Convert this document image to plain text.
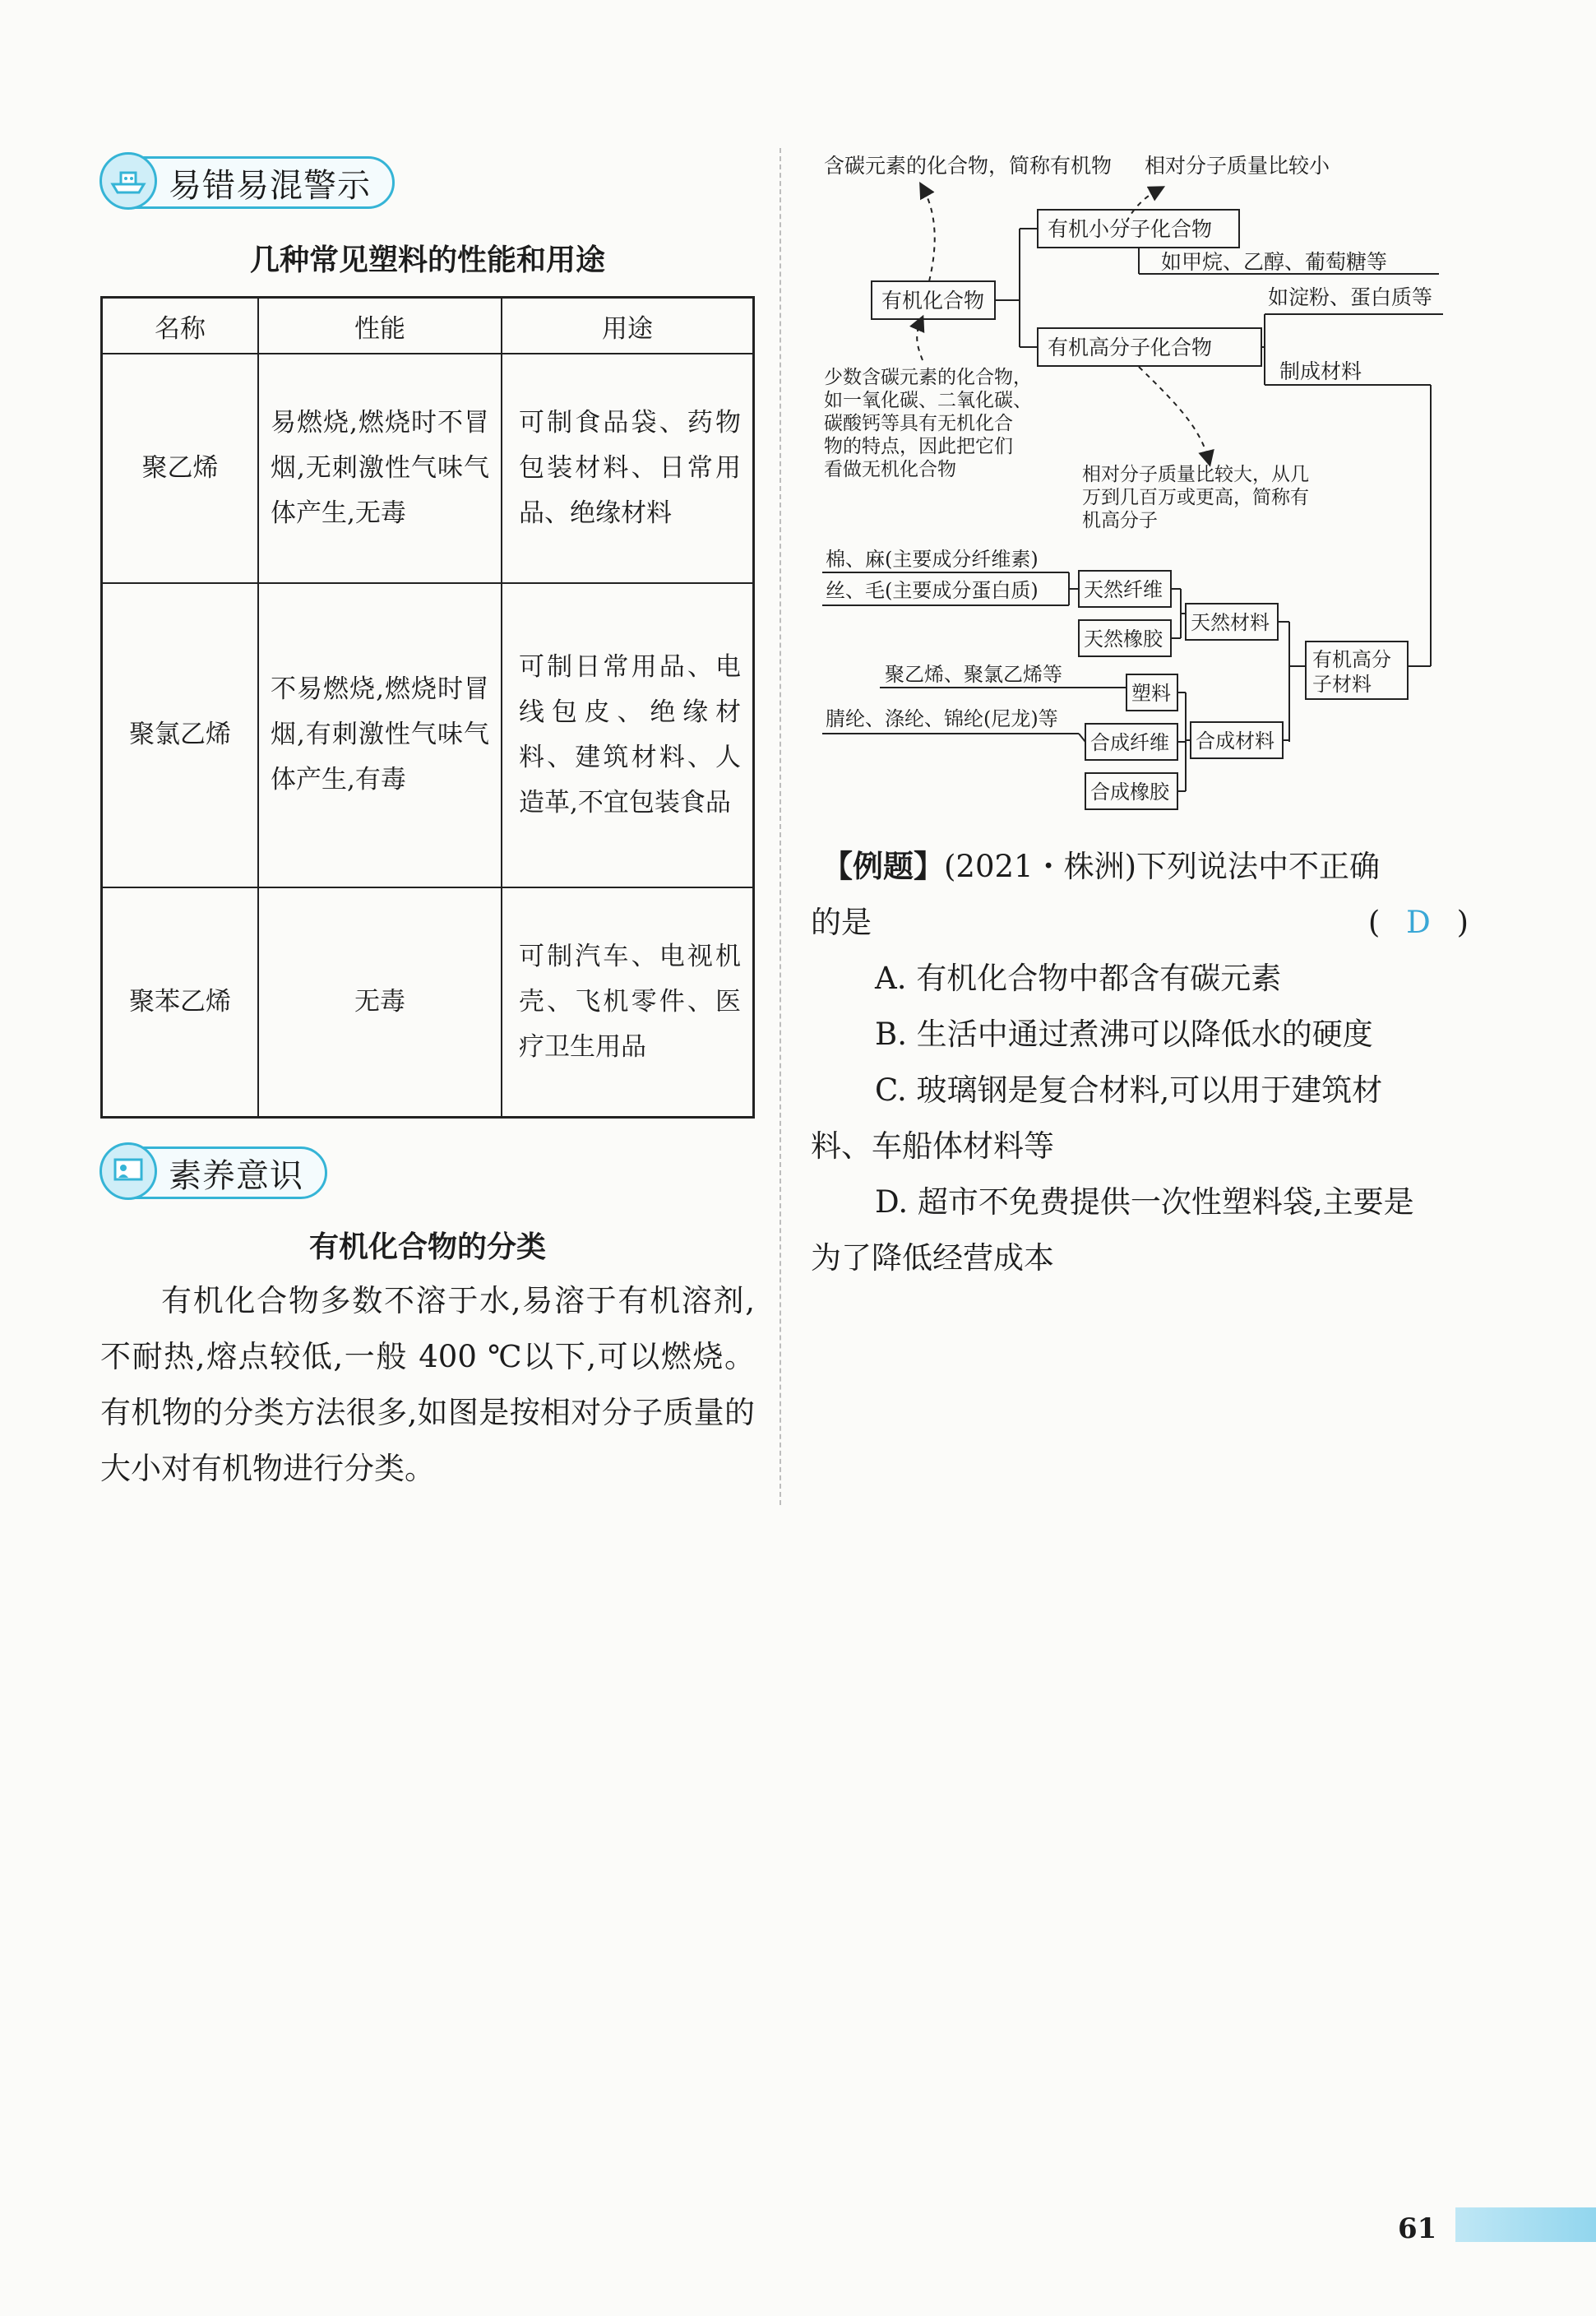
易错易混警示
几种常见塑料的性能和用途
名称	性能	用途
聚乙烯	易燃烧,燃烧时不冒烟,无刺激性气味气体产生,无毒	可制食品袋、药物包装材料、日常用品、绝缘材料
聚氯乙烯	不易燃烧,燃烧时冒烟,有刺激性气味气体产生,有毒	可制日常用品、电线包皮、绝缘材料、建筑材料、人造革,不宜包装食品
聚苯乙烯	无毒	可制汽车、电视机壳、飞机零件、医疗卫生用品
素养意识
有机化合物的分类
有机化合物多数不溶于水,易溶于有机溶剂,不耐热,熔点较低,一般 400 ℃以下,可以燃烧。有机物的分类方法很多,如图是按相对分子质量的大小对有机物进行分类。
含碳元素的化合物，简称有机物 相对分子质量比较小
有机化合物
有机小分子化合物
如甲烷、乙醇、葡萄糖等
有机高分子化合物
如淀粉、蛋白质等
制成材料
少数含碳元素的化合物，
如一氧化碳、二氧化碳、
碳酸钙等具有无机化合
物的特点，因此把它们
看做无机化合物	相对分子质量比较大，从几
万到几百万或更高，简称有
机高分子
棉、麻(主要成分纤维素)
丝、毛(主要成分蛋白质) 天然纤维
天然橡胶
天然材料
有机高分
子材料
聚乙烯、聚氯乙烯等
塑料
腈纶、涤纶、锦纶(尼龙)等
合成纤维
合成橡胶
合成材料
【例题】(2021・株洲)下列说法中不正确
的是	( D )
A. 有机化合物中都含有碳元素
B. 生活中通过煮沸可以降低水的硬度
C. 玻璃钢是复合材料,可以用于建筑材
料、车船体材料等
D. 超市不免费提供一次性塑料袋,主要是
为了降低经营成本
61
